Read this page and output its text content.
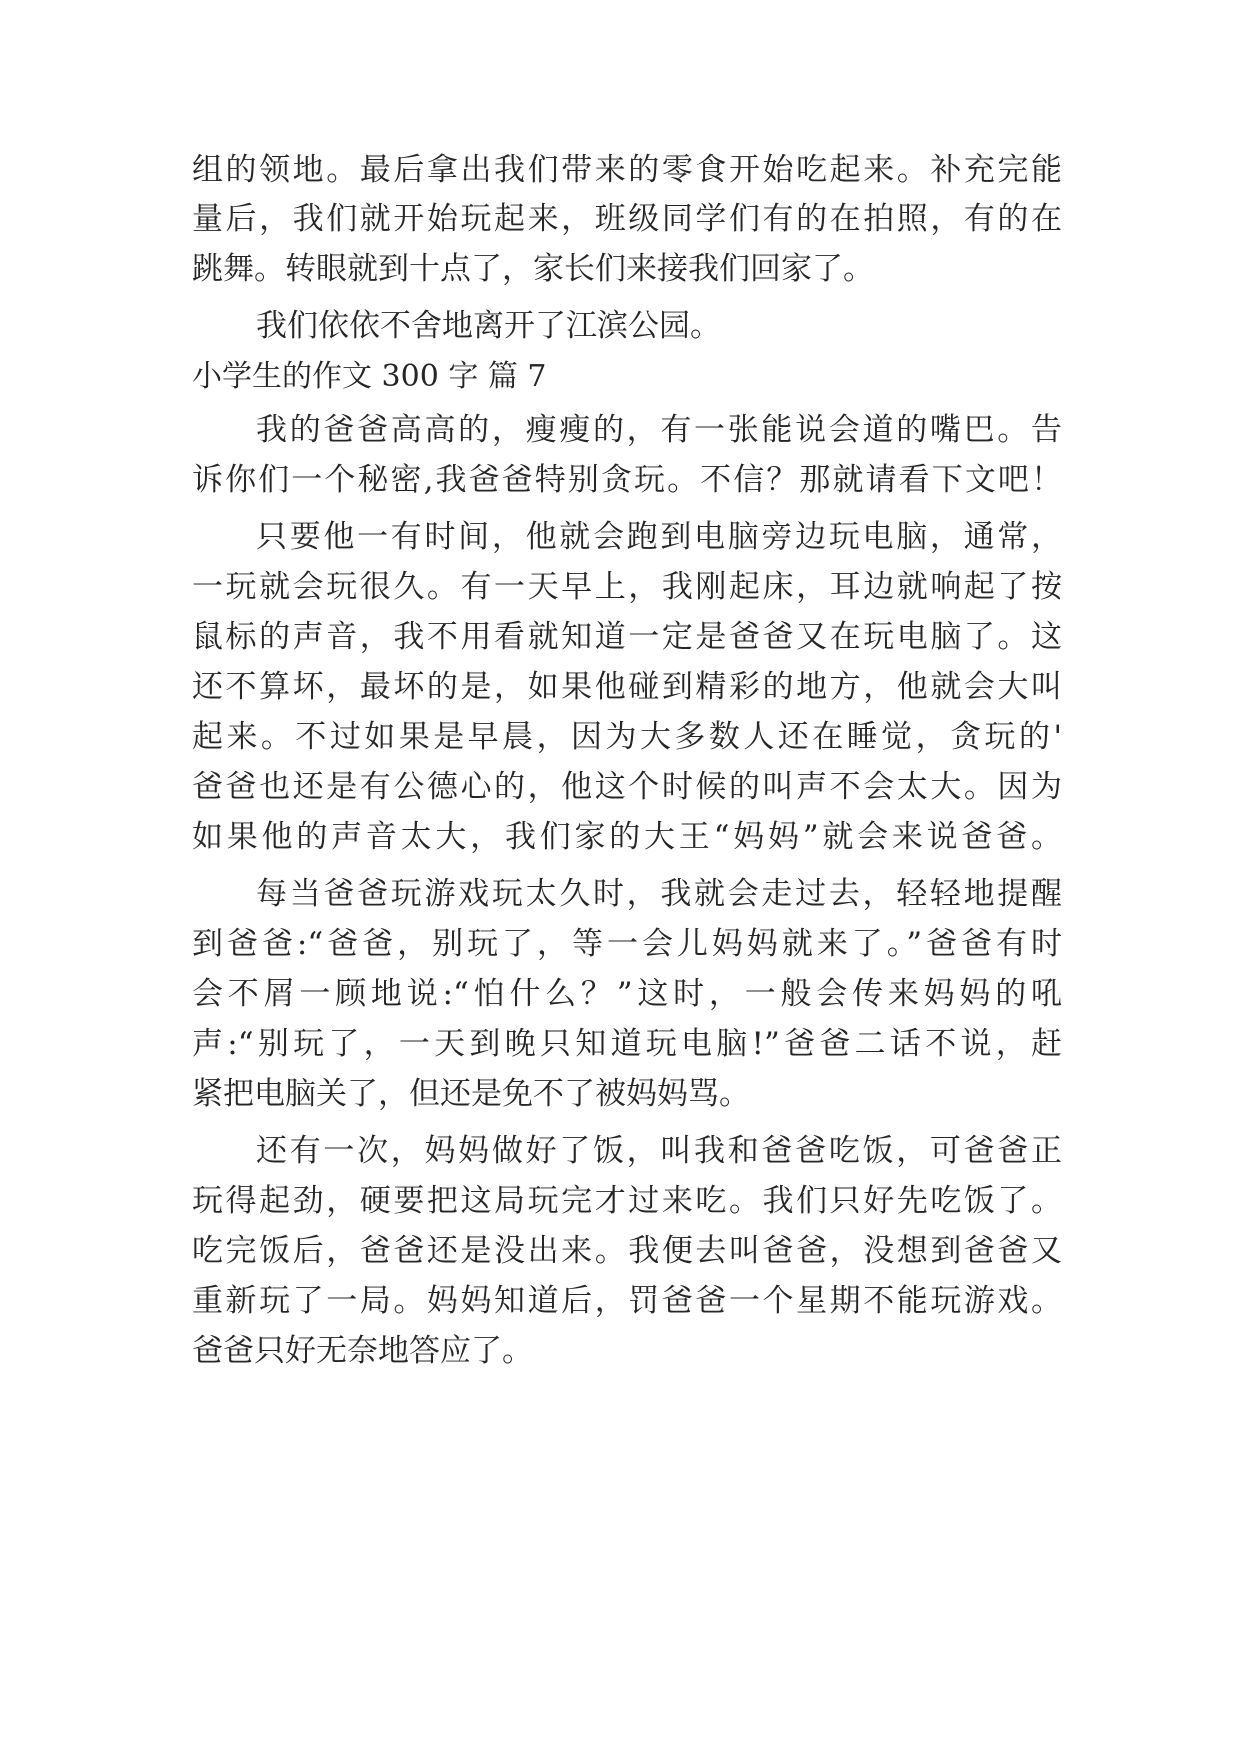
组的领地。最后拿出我们带来的零食开始吃起来。补充完能
量后，我们就开始玩起来，班级同学们有的在拍照，有的在
跳舞。转眼就到十点了，家长们来接我们回家了。
我们依依不舍地离开了江滨公园。
小学生的作文 300 字 篇 7
我的爸爸高高的，瘦瘦的，有一张能说会道的嘴巴。告
诉你们一个秘密,我爸爸特别贪玩。不信？那就请看下文吧！
只要他一有时间，他就会跑到电脑旁边玩电脑，通常，
一玩就会玩很久。有一天早上，我刚起床，耳边就响起了按
鼠标的声音，我不用看就知道一定是爸爸又在玩电脑了。这
还不算坏，最坏的是，如果他碰到精彩的地方，他就会大叫
起来。不过如果是早晨，因为大多数人还在睡觉，贪玩的'
爸爸也还是有公德心的，他这个时候的叫声不会太大。因为
如果他的声音太大，我们家的大王“妈妈”就会来说爸爸。
每当爸爸玩游戏玩太久时，我就会走过去，轻轻地提醒
到爸爸:“爸爸，别玩了，等一会儿妈妈就来了。”爸爸有时
会不屑一顾地说:“怕什么？”这时，一般会传来妈妈的吼
声:“别玩了，一天到晚只知道玩电脑!”爸爸二话不说，赶
紧把电脑关了，但还是免不了被妈妈骂。
还有一次，妈妈做好了饭，叫我和爸爸吃饭，可爸爸正
玩得起劲，硬要把这局玩完才过来吃。我们只好先吃饭了。
吃完饭后，爸爸还是没出来。我便去叫爸爸，没想到爸爸又
重新玩了一局。妈妈知道后，罚爸爸一个星期不能玩游戏。
爸爸只好无奈地答应了。
